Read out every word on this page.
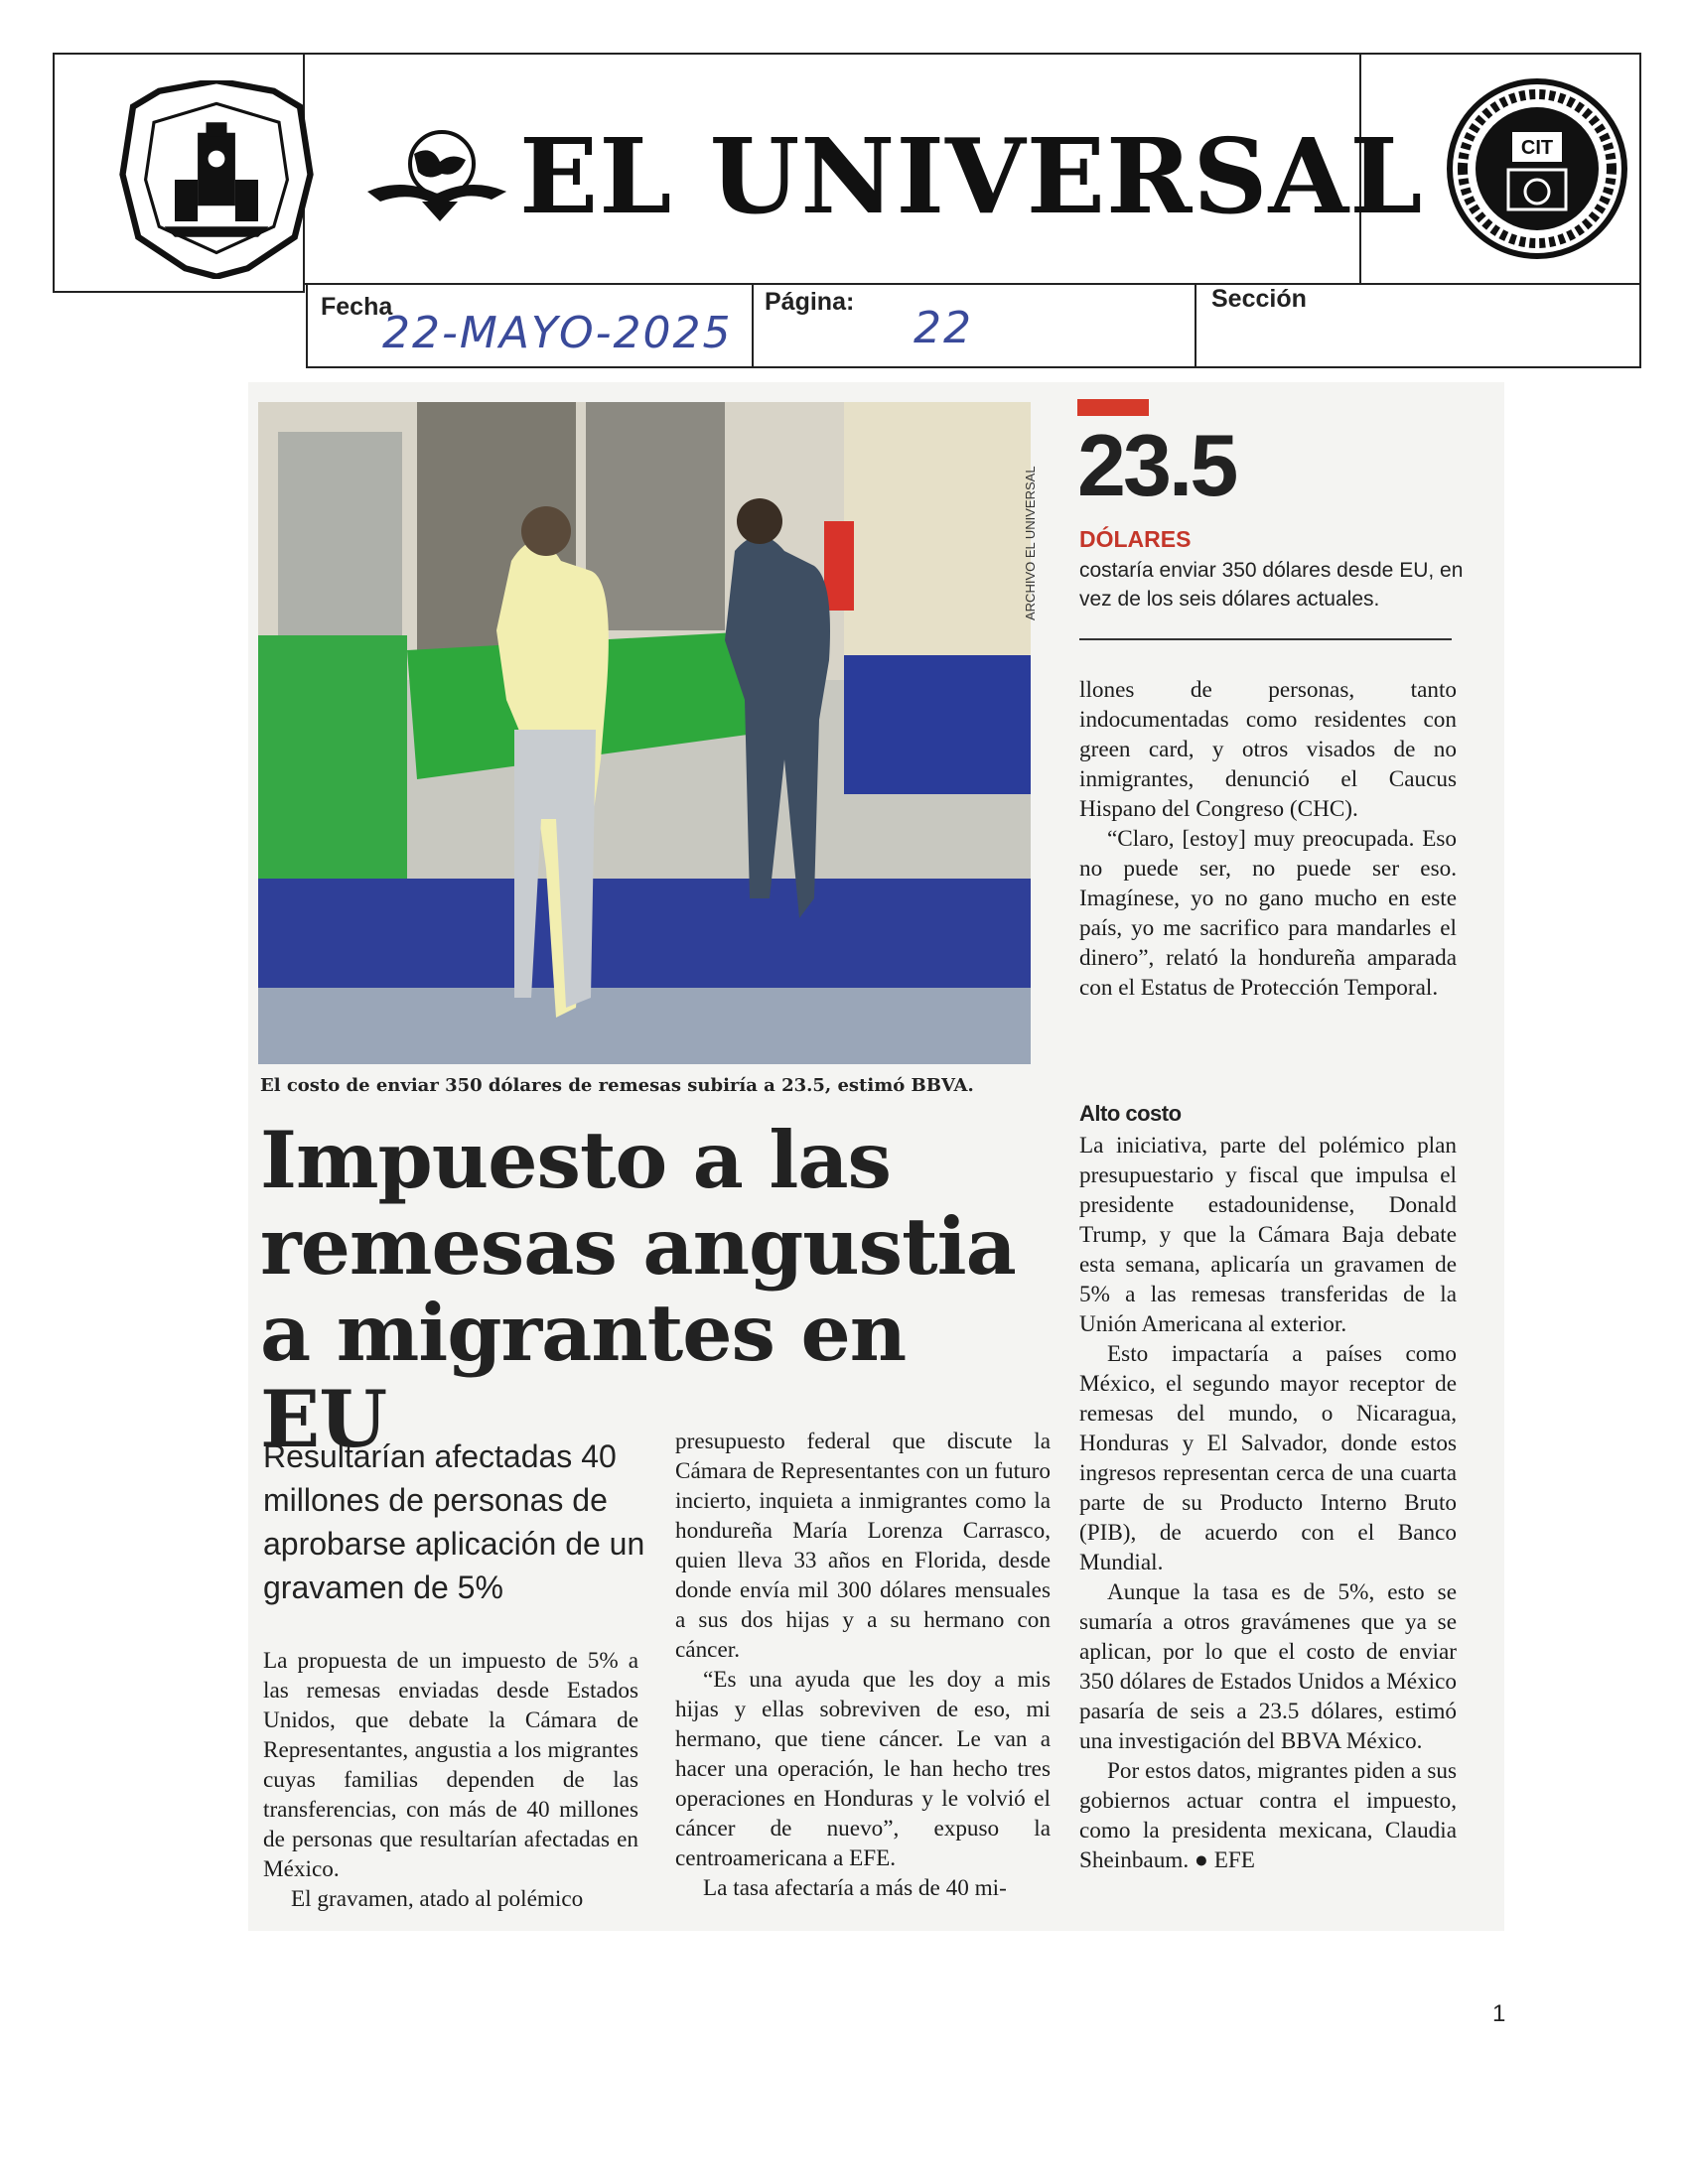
EL UNIVERSAL	CIT
Fecha
22-MAYO-2025
Página:
22
Sección
ARCHIVO EL UNIVERSAL
El costo de enviar 350 dólares de remesas subiría a 23.5, estimó BBVA.
Impuesto a las remesas angustia a migrantes en EU
Resultarían afectadas 40 millones de personas de aprobarse aplicación de un gravamen de 5%

La propuesta de un impuesto de 5% a las remesas enviadas desde Estados Unidos, que debate la Cámara de Representantes, angustia a los migrantes cuyas familias dependen de las transferencias, con más de 40 millones de personas que resultarían afectadas en México.

El gravamen, atado al polémico

presupuesto federal que discute la Cámara de Representantes con un futuro incierto, inquieta a inmigrantes como la hondureña María Lorenza Carrasco, quien lleva 33 años en Florida, desde donde envía mil 300 dólares mensuales a sus dos hijas y a su hermano con cáncer.

“Es una ayuda que les doy a mis hijas y ellas sobreviven de eso, mi hermano, que tiene cáncer. Le van a hacer una operación, le han hecho tres operaciones en Honduras y le volvió el cáncer de nuevo”, expuso la centroamericana a EFE.

La tasa afectaría a más de 40 mi-

23.5
DÓLARES
costaría enviar 350 dólares desde EU, en vez de los seis dólares actuales.

llones de personas, tanto indocumentadas como residentes con green card, y otros visados de no inmigrantes, denunció el Caucus Hispano del Congreso (CHC).

“Claro, [estoy] muy preocupada. Eso no puede ser, no puede ser eso. Imagínese, yo no gano mucho en este país, yo me sacrifico para mandarles el dinero”, relató la hondureña amparada con el Estatus de Protección Temporal.

Alto costo

La iniciativa, parte del polémico plan presupuestario y fiscal que impulsa el presidente estadounidense, Donald Trump, y que la Cámara Baja debate esta semana, aplicaría un gravamen de 5% a las remesas transferidas de la Unión Americana al exterior.

Esto impactaría a países como México, el segundo mayor receptor de remesas del mundo, o Nicaragua, Honduras y El Salvador, donde estos ingresos representan cerca de una cuarta parte de su Producto Interno Bruto (PIB), de acuerdo con el Banco Mundial.

Aunque la tasa es de 5%, esto se sumaría a otros gravámenes que ya se aplican, por lo que el costo de enviar 350 dólares de Estados Unidos a México pasaría de seis a 23.5 dólares, estimó una investigación del BBVA México.

Por estos datos, migrantes piden a sus gobiernos actuar contra el impuesto, como la presidenta mexicana, Claudia Sheinbaum. ● EFE

1
